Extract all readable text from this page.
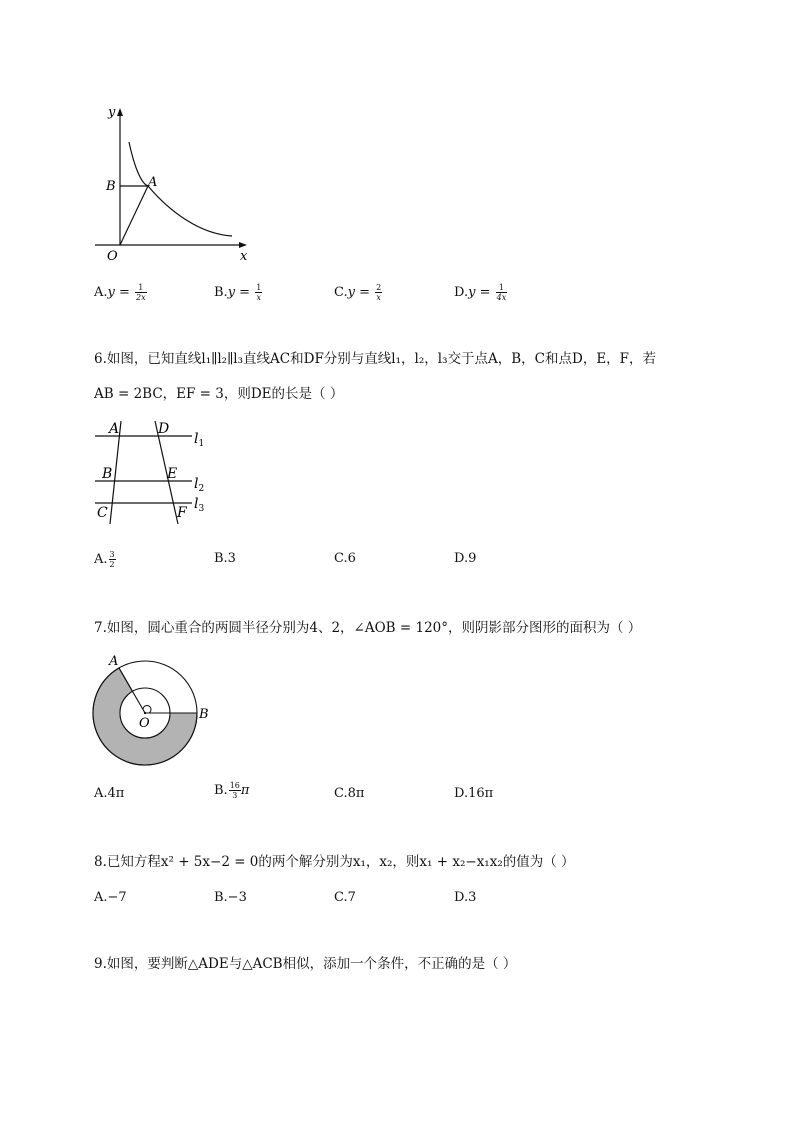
y
x
B A
O
$A.y = \frac{1}{2x}$	$B.y = \frac{1}{x}$	$C.y = \frac{2}{x}$	$D.y = \frac{1}{4x}$
6.如图，已知直线l₁∥l₂∥l₃直线AC和DF分别与直线l₁，l₂，l₃交于点A，B，C和点D，E，F，若
AB = 2BC，EF = 3，则DE的长是（ ）
A	D
B	E
C	F
$l_1$
$l_2$
$l_3$
A. $\frac{3}{2}$	B.3	C.6	D.9
7.如图，圆心重合的两圆半径分别为4、2，∠AOB = 120°，则阴影部分图形的面积为（ ）
A
O
B
A.4π	B. $\frac{16}{3}$ π	C.8π	D.16π
8.已知方程x² + 5x−2 = 0的两个解分别为x₁，x₂，则x₁ + x₂−x₁x₂的值为（ ）
A.−7	B.−3	C.7	D.3
9.如图，要判断△ADE与△ACB相似，添加一个条件，不正确的是（ ）
